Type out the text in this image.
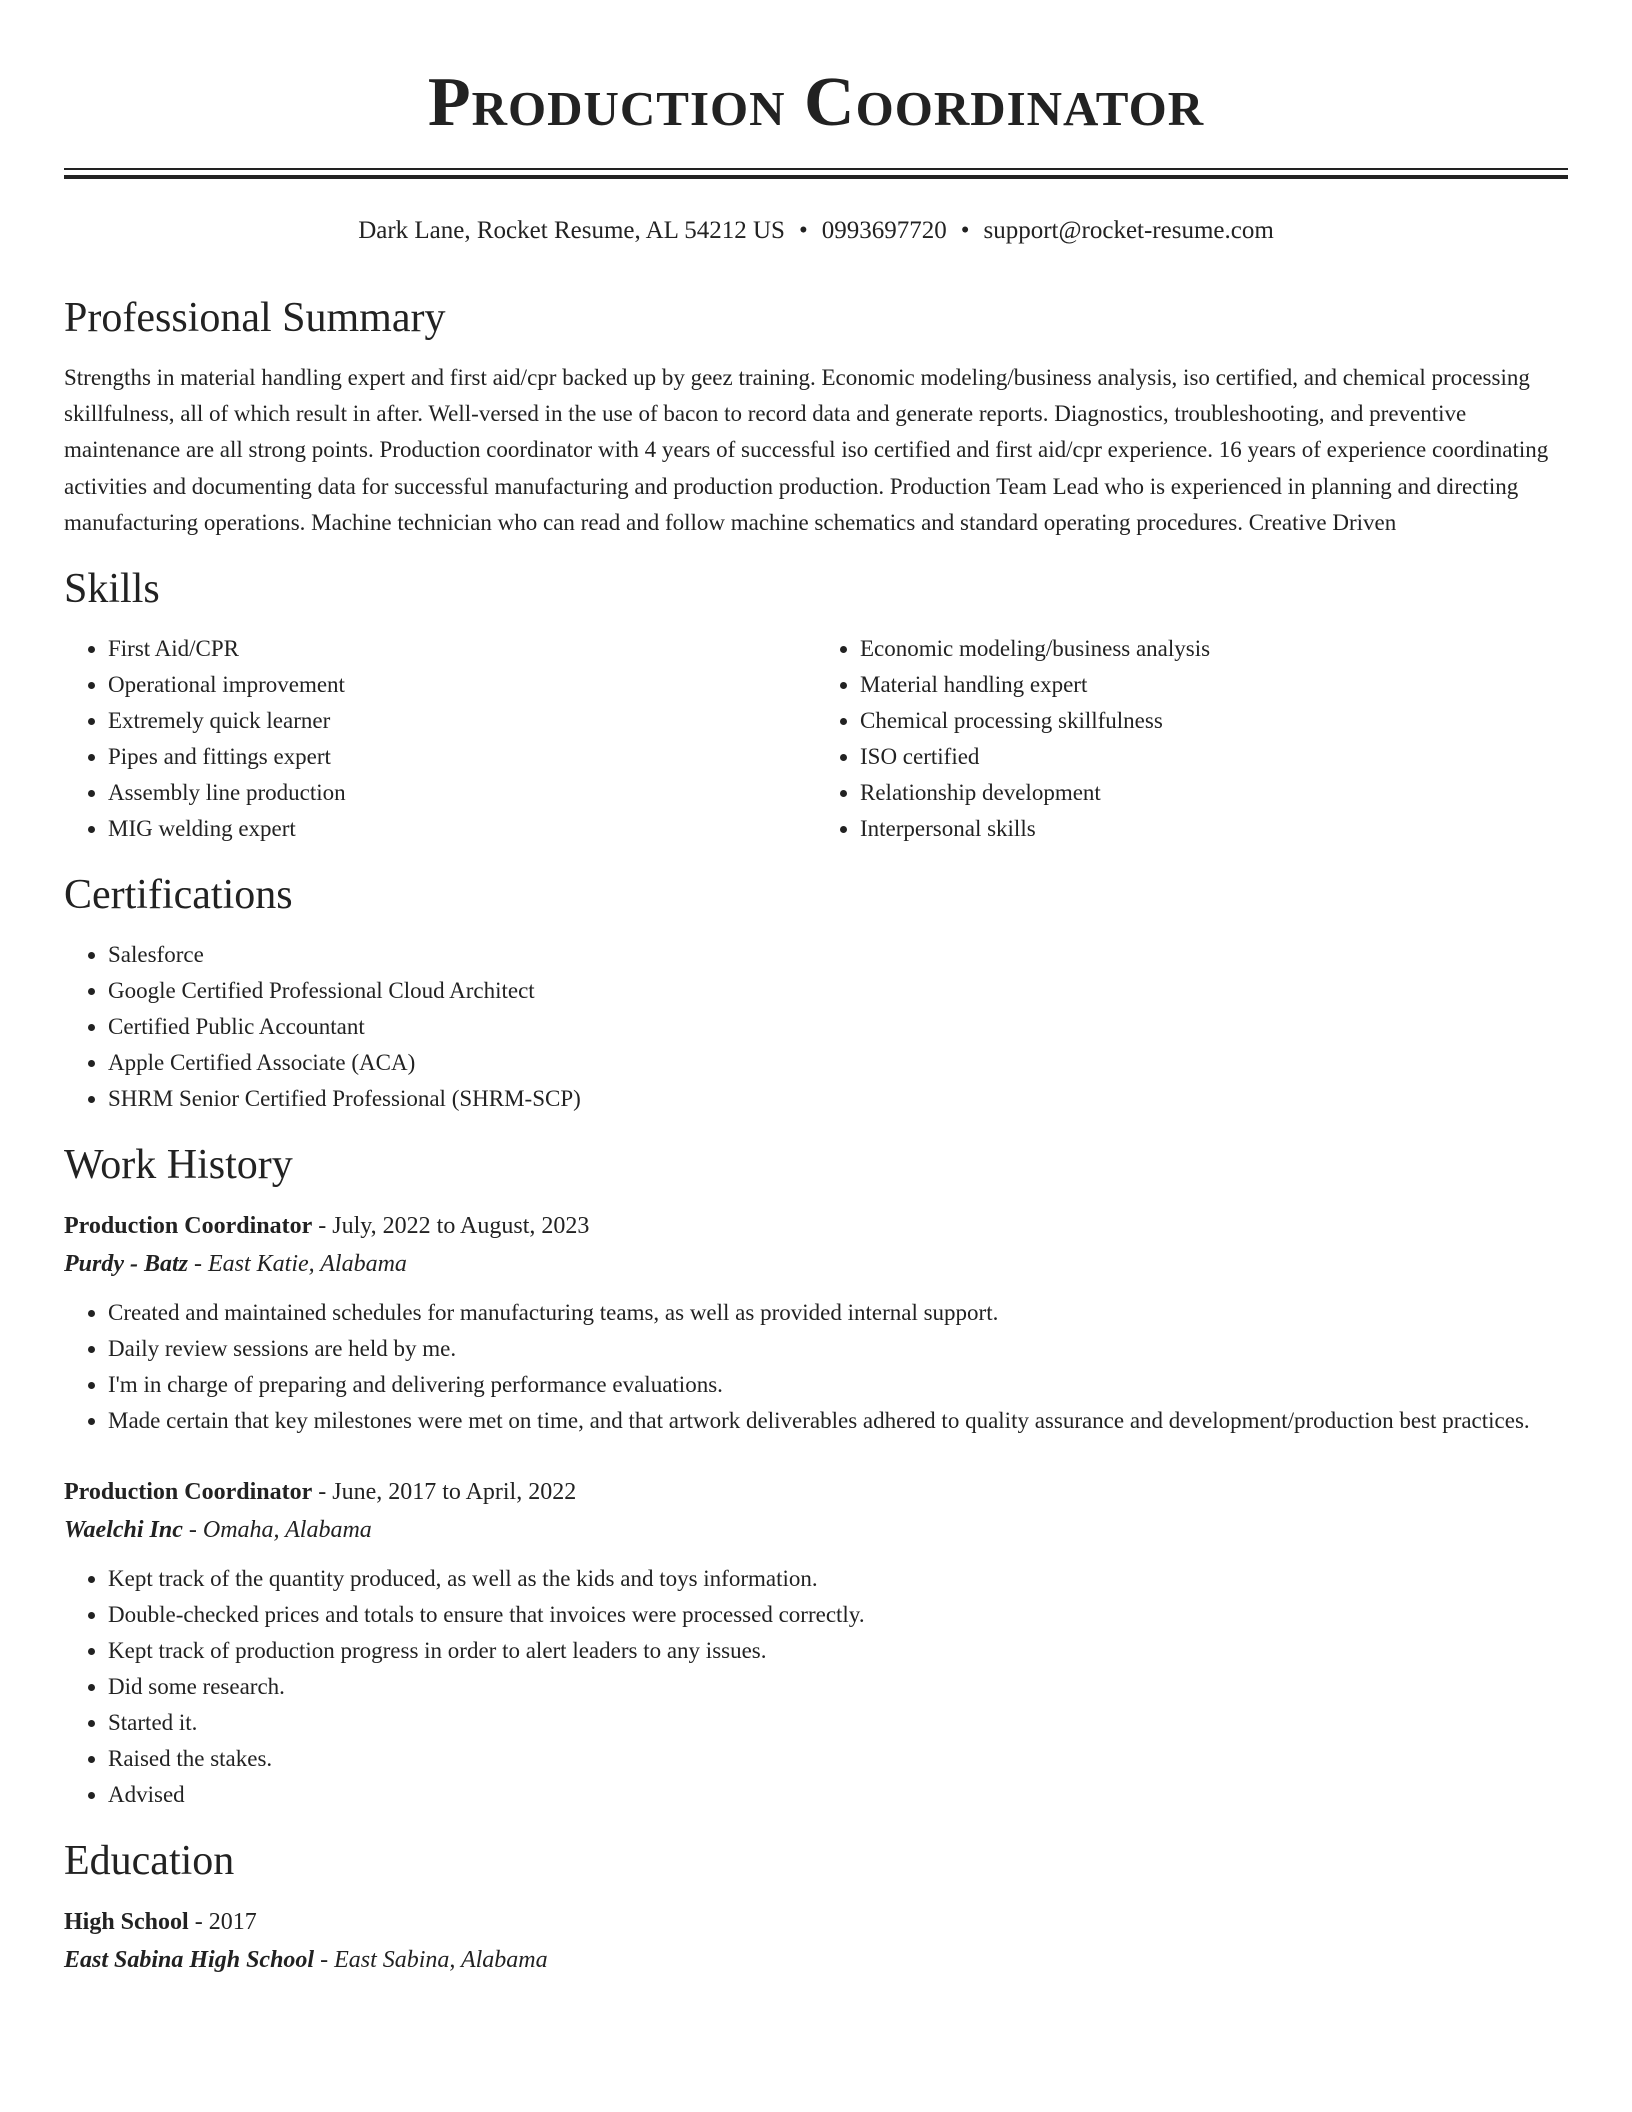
Production Coordinator
Dark Lane, Rocket Resume, AL 54212 US • 0993697720 • support@rocket-resume.com
Professional Summary

Strengths in material handling expert and first aid/cpr backed up by geez training. Economic modeling/business analysis, iso certified, and chemical processing skillfulness, all of which result in after. Well-versed in the use of bacon to record data and generate reports. Diagnostics, troubleshooting, and preventive maintenance are all strong points. Production coordinator with 4 years of successful iso certified and first aid/cpr experience. 16 years of experience coordinating activities and documenting data for successful manufacturing and production production. Production Team Lead who is experienced in planning and directing manufacturing operations. Machine technician who can read and follow machine schematics and standard operating procedures. Creative Driven

Skills
• First Aid/CPR
• Operational improvement
• Extremely quick learner
• Pipes and fittings expert
• Assembly line production
• MIG welding expert
• Economic modeling/business analysis
• Material handling expert
• Chemical processing skillfulness
• ISO certified
• Relationship development
• Interpersonal skills
Certifications
• Salesforce
• Google Certified Professional Cloud Architect
• Certified Public Accountant
• Apple Certified Associate (ACA)
• SHRM Senior Certified Professional (SHRM-SCP)
Work History

Production Coordinator - July, 2022 to August, 2023

Purdy - Batz - East Katie, Alabama

• Created and maintained schedules for manufacturing teams, as well as provided internal support.
• Daily review sessions are held by me.
• I'm in charge of preparing and delivering performance evaluations.
• Made certain that key milestones were met on time, and that artwork deliverables adhered to quality assurance and development/production best practices.

Production Coordinator - June, 2017 to April, 2022

Waelchi Inc - Omaha, Alabama

• Kept track of the quantity produced, as well as the kids and toys information.
• Double-checked prices and totals to ensure that invoices were processed correctly.
• Kept track of production progress in order to alert leaders to any issues.
• Did some research.
• Started it.
• Raised the stakes.
• Advised
Education

High School - 2017

East Sabina High School - East Sabina, Alabama
